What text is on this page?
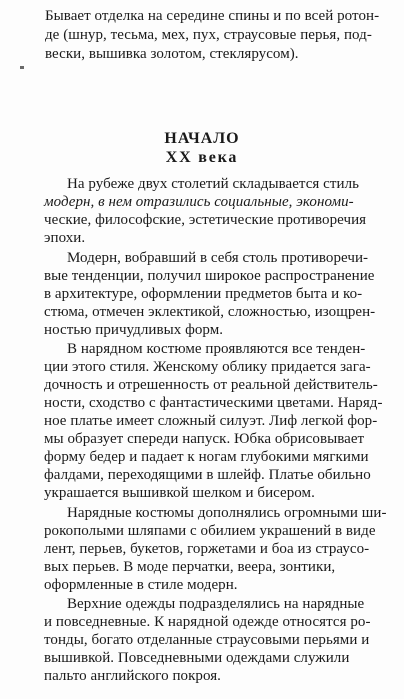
Бывает отделка на середине спины и по всей ротон-
де (шнур, тесьма, мех, пух, страусовые перья, под-
вески, вышивка золотом, стеклярусом).
НАЧАЛО
XX века
На рубеже двух столетий складывается стиль
модерн, в нем отразились социальные, экономи-
ческие, философские, эстетические противоречия
эпохи.
Модерн, вобравший в себя столь противоречи-
вые тенденции, получил широкое распространение
в архитектуре, оформлении предметов быта и ко-
стюма, отмечен эклектикой, сложностью, изощрен-
ностью причудливых форм.
В нарядном костюме проявляются все тенден-
ции этого стиля. Женскому облику придается зага-
дочность и отрешенность от реальной действитель-
ности, сходство с фантастическими цветами. Наряд-
ное платье имеет сложный силуэт. Лиф легкой фор-
мы образует спереди напуск. Юбка обрисовывает
форму бедер и падает к ногам глубокими мягкими
фалдами, переходящими в шлейф. Платье обильно
украшается вышивкой шелком и бисером.
Нарядные костюмы дополнялись огромными ши-
рокополыми шляпами с обилием украшений в виде
лент, перьев, букетов, горжетами и боа из страусо-
вых перьев. В моде перчатки, веера, зонтики,
оформленные в стиле модерн.
Верхние одежды подразделялись на нарядные
и повседневные. К нарядной одежде относятся ро-
тонды, богато отделанные страусовыми перьями и
вышивкой. Повседневными одеждами служили
пальто английского покроя.
